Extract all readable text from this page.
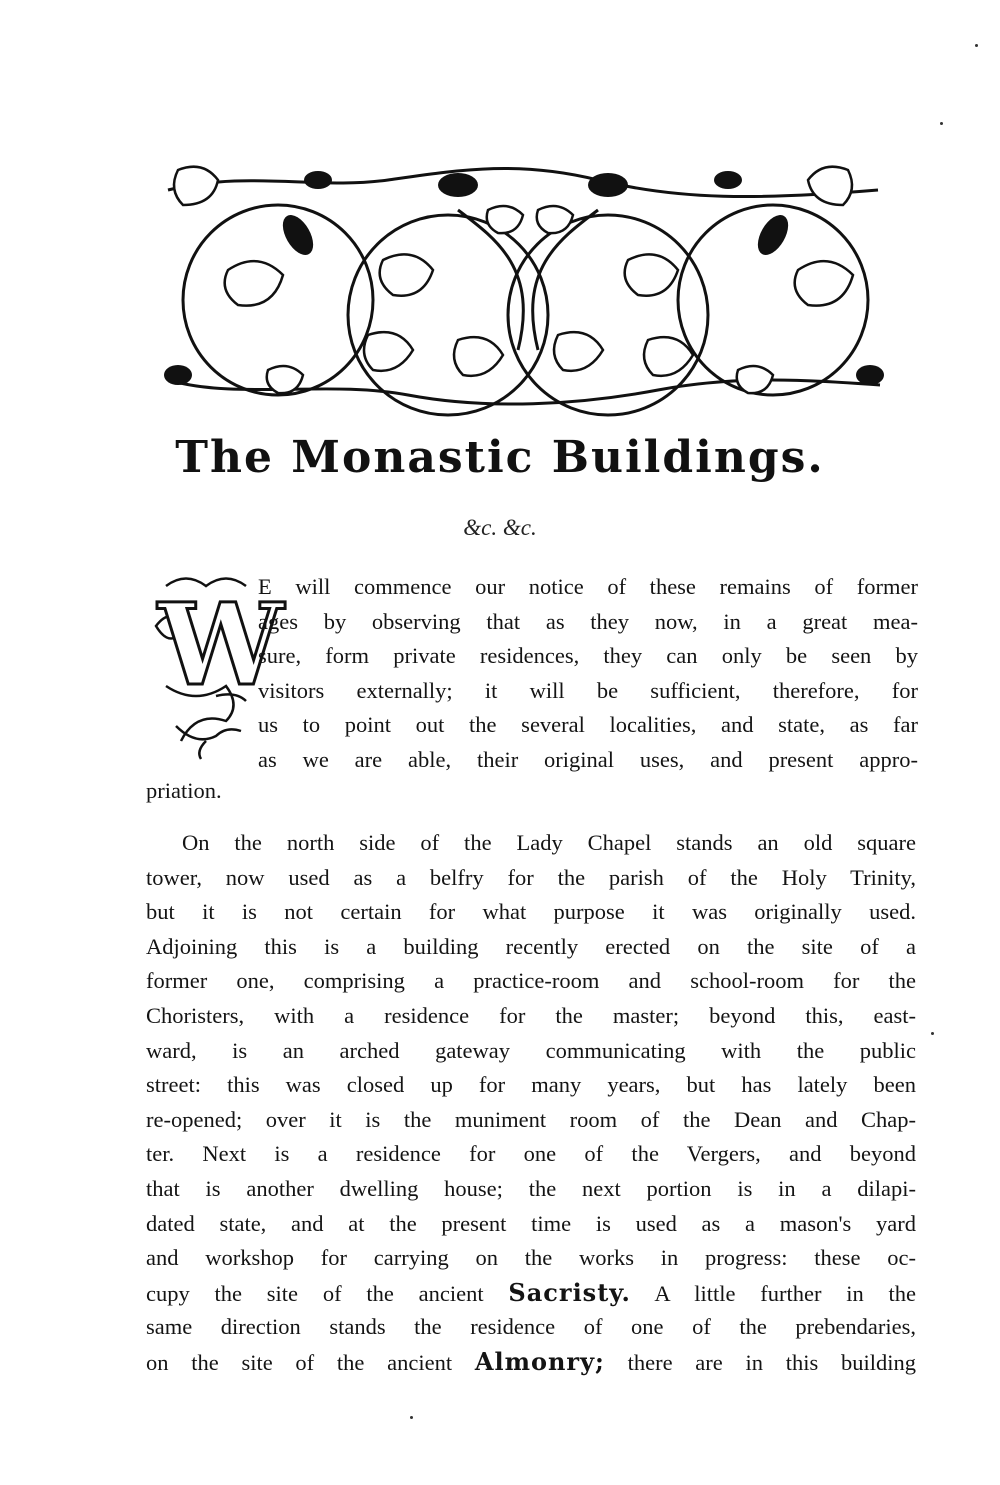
The Monastic Buildings.
&c. &c.
W
E will commence our notice of these remains of former
ages by observing that as they now, in a great mea-
sure, form private residences, they can only be seen by
visitors externally; it will be sufficient, therefore, for
us to point out the several localities, and state, as far
as we are able, their original uses, and present appro-
priation.
On the north side of the Lady Chapel stands an old square
tower, now used as a belfry for the parish of the Holy Trinity,
but it is not certain for what purpose it was originally used.
Adjoining this is a building recently erected on the site of a
former one, comprising a practice-room and school-room for the
Choristers, with a residence for the master; beyond this, east-
ward, is an arched gateway communicating with the public
street: this was closed up for many years, but has lately been
re-opened; over it is the muniment room of the Dean and Chap-
ter. Next is a residence for one of the Vergers, and beyond
that is another dwelling house; the next portion is in a dilapi-
dated state, and at the present time is used as a mason's yard
and workshop for carrying on the works in progress: these oc-
cupy the site of the ancient Sacristy. A little further in the
same direction stands the residence of one of the prebendaries,
on the site of the ancient Almonry; there are in this building
